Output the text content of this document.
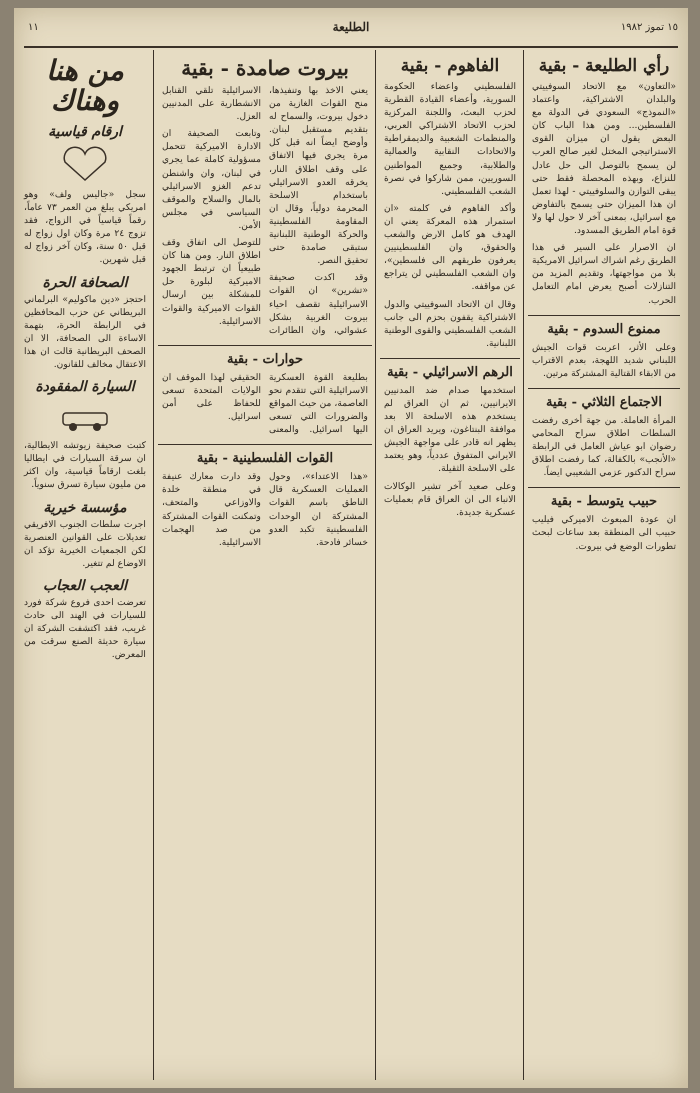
١٥ تموز ١٩٨٢
الطليعة
١١
رأي الطليعة - بقية

«التعاون» مع الاتحاد السوفييتي والبلدان الاشتراكية، واعتماد «النموذج» السعودي في الدولة مع الفلسطين... ومن هذا الباب كان البعض يقول ان ميزان القوى الاستراتيجي المختل لغير صالح العرب لن يسمح بالتوصل الى حل عادل للنزاع، وبهذه المحصلة فقط حتى يبقى التوازن والسلوفييتي - لهذا تعمل ان هذا الميزان حتى يسمح بالتفاوض مع اسرائيل، بمعنى آخر لا حول لها ولا قوة امام الطريق المسدود.

ان الاصرار على السير في هذا الطريق رغم اشراك اسرائيل الامريكية بلا من مواجهتها، وتقديم المزيد من التنازلات أصبح يعرض امام التعامل الحرب.

ممنوع السدوم - بقية

وعلى الأثر، اعربت قوات الجيش اللبناني شديد اللهجة، بعدم الاقتراب من الابقاء القتالية المشتركة مرتين.

الاجتماع الثلاثي - بقية

المرأة العاملة. من جهة أخرى رفضت السلطات اطلاق سراح المحامي رضوان ابو عياش العامل في الرابطة «الأنجب» بالكفالة، كما رفضت اطلاق سراح الدكتور عزمي الشعيبي ايضاً.

حبيب يتوسط - بقية

ان عودة المبعوث الاميركي فيليب حبيب الى المنطقة بعد ساعات لبحث تطورات الوضع في بيروت.

الفاهوم - بقية

الفلسطيني واعضاء الحكومة السورية، وأعضاء القيادة القطرية لحزب البعث، واللجنة المركزية لحزب الاتحاد الاشتراكي العربي، والمنظمات الشعبية والديمقراطية والاتحادات النقابية والعمالية والطلابية، وجميع المواطنين السوريين، ممن شاركوا في نصرة الشعب الفلسطيني.

وأكد الفاهوم في كلمته «ان استمرار هذه المعركة يعني ان الهدف هو كامل الارض والشعب والحقوق، وان الفلسطينيين يعرفون طريقهم الى فلسطين»، وان الشعب الفلسطيني لن يتراجع عن مواقفه.

وقال ان الاتحاد السوفييتي والدول الاشتراكية يقفون بحزم الى جانب الشعب الفلسطيني والقوى الوطنية اللبنانية.

الرهم الاسرائيلي - بقية

استخدمها صدام ضد المدنيين الايرانيين، ثم ان العراق لم يستخدم هذه الاسلحة الا بعد موافقة البنتاغون، ويريد العراق ان يظهر انه قادر على مواجهة الجيش الايراني المتفوق عددياً، وهو يعتمد على الاسلحة الثقيلة.

وعلى صعيد آخر تشير الوكالات الانباء الى ان العراق قام بعمليات عسكرية جديدة.

بيروت صامدة - بقية

يعني الاخذ بها وتنفيذها، منح القوات الغازية من دخول بيروت، والسماح له بتقديم مستقبل لبنان. وأوضح ايضاً انه قبل كل مرة يجري فيها الاتفاق على وقف اطلاق النار، يخرقه العدو الاسرائيلي باستخدام الاسلحة المحرمة دولياً، وقال ان المقاومة الفلسطينية والحركة الوطنية اللبنانية ستبقى صامدة حتى تحقيق النصر.

وقد اكدت صحيفة «تشرين» ان القوات الاسرائيلية تقصف احياء بيروت الغربية بشكل عشوائي، وان الطائرات الاسرائيلية تلقي القنابل الانشطارية على المدنيين العزل.

وتابعت الصحيفة ان الادارة الاميركية تتحمل مسؤولية كاملة عما يجري في لبنان، وان واشنطن تدعم الغزو الاسرائيلي بالمال والسلاح والموقف السياسي في مجلس الأمن.

للتوصل الى اتفاق وقف اطلاق النار. ومن هنا كان طبيعياً ان ترتبط الجهود الاميركية لبلورة حل للمشكلة بين ارسال القوات الاميركية والقوات الاسرائيلية.

حوارات - بقية

بطليعة القوة العسكرية الاسرائيلية التي تتقدم نحو العاصمة، من حيث المواقع والضرورات التي تسعى اليها اسرائيل. والمعنى الحقيقي لهذا الموقف ان الولايات المتحدة تسعى للحفاظ على أمن اسرائيل.

القوات الفلسطينية - بقية

«هذا الاعتداء»، وحول العمليات العسكرية قال الناطق باسم القوات المشتركة ان الوحدات الفلسطينية تكبد العدو خسائر فادحة.

وقد دارت معارك عنيفة في منطقة خلدة والاوزاعي والمتحف، وتمكنت القوات المشتركة من صد الهجمات الاسرائيلية.

من هنا وهناك
ارقام قياسية

سجل «جاليس ولف» وهو امريكي يبلغ من العمر ٧٣ عاماً، رقماً قياسياً في الزواج، فقد تزوج ٢٤ مرة وكان اول زواج له قبل ٥٠ سنة، وكان آخر زواج له قبل شهرين.

الصحافة الحرة

احتجز «دين ماكوليم» البرلماني البريطاني عن حزب المحافظين في الرابطة الحرة، بتهمة الاساءة الى الصحافة، الا ان الصحف البريطانية قالت ان هذا الاعتقال مخالف للقانون.

السيارة المفقودة

كتبت صحيفة زيوتشه الايطالية، ان سرقة السيارات في ايطاليا بلغت ارقاماً قياسية، وان اكثر من مليون سيارة تسرق سنوياً.

مؤسسة خيرية

اجرت سلطات الجنوب الافريقي تعديلات على القوانين العنصرية لكن الجمعيات الخيرية تؤكد ان الاوضاع لم تتغير.

العجب العجاب

تعرضت احدى فروع شركة فورد للسيارات في الهند الى حادث غريب، فقد اكتشفت الشركة ان سيارة حديثة الصنع سرقت من المعرض.
